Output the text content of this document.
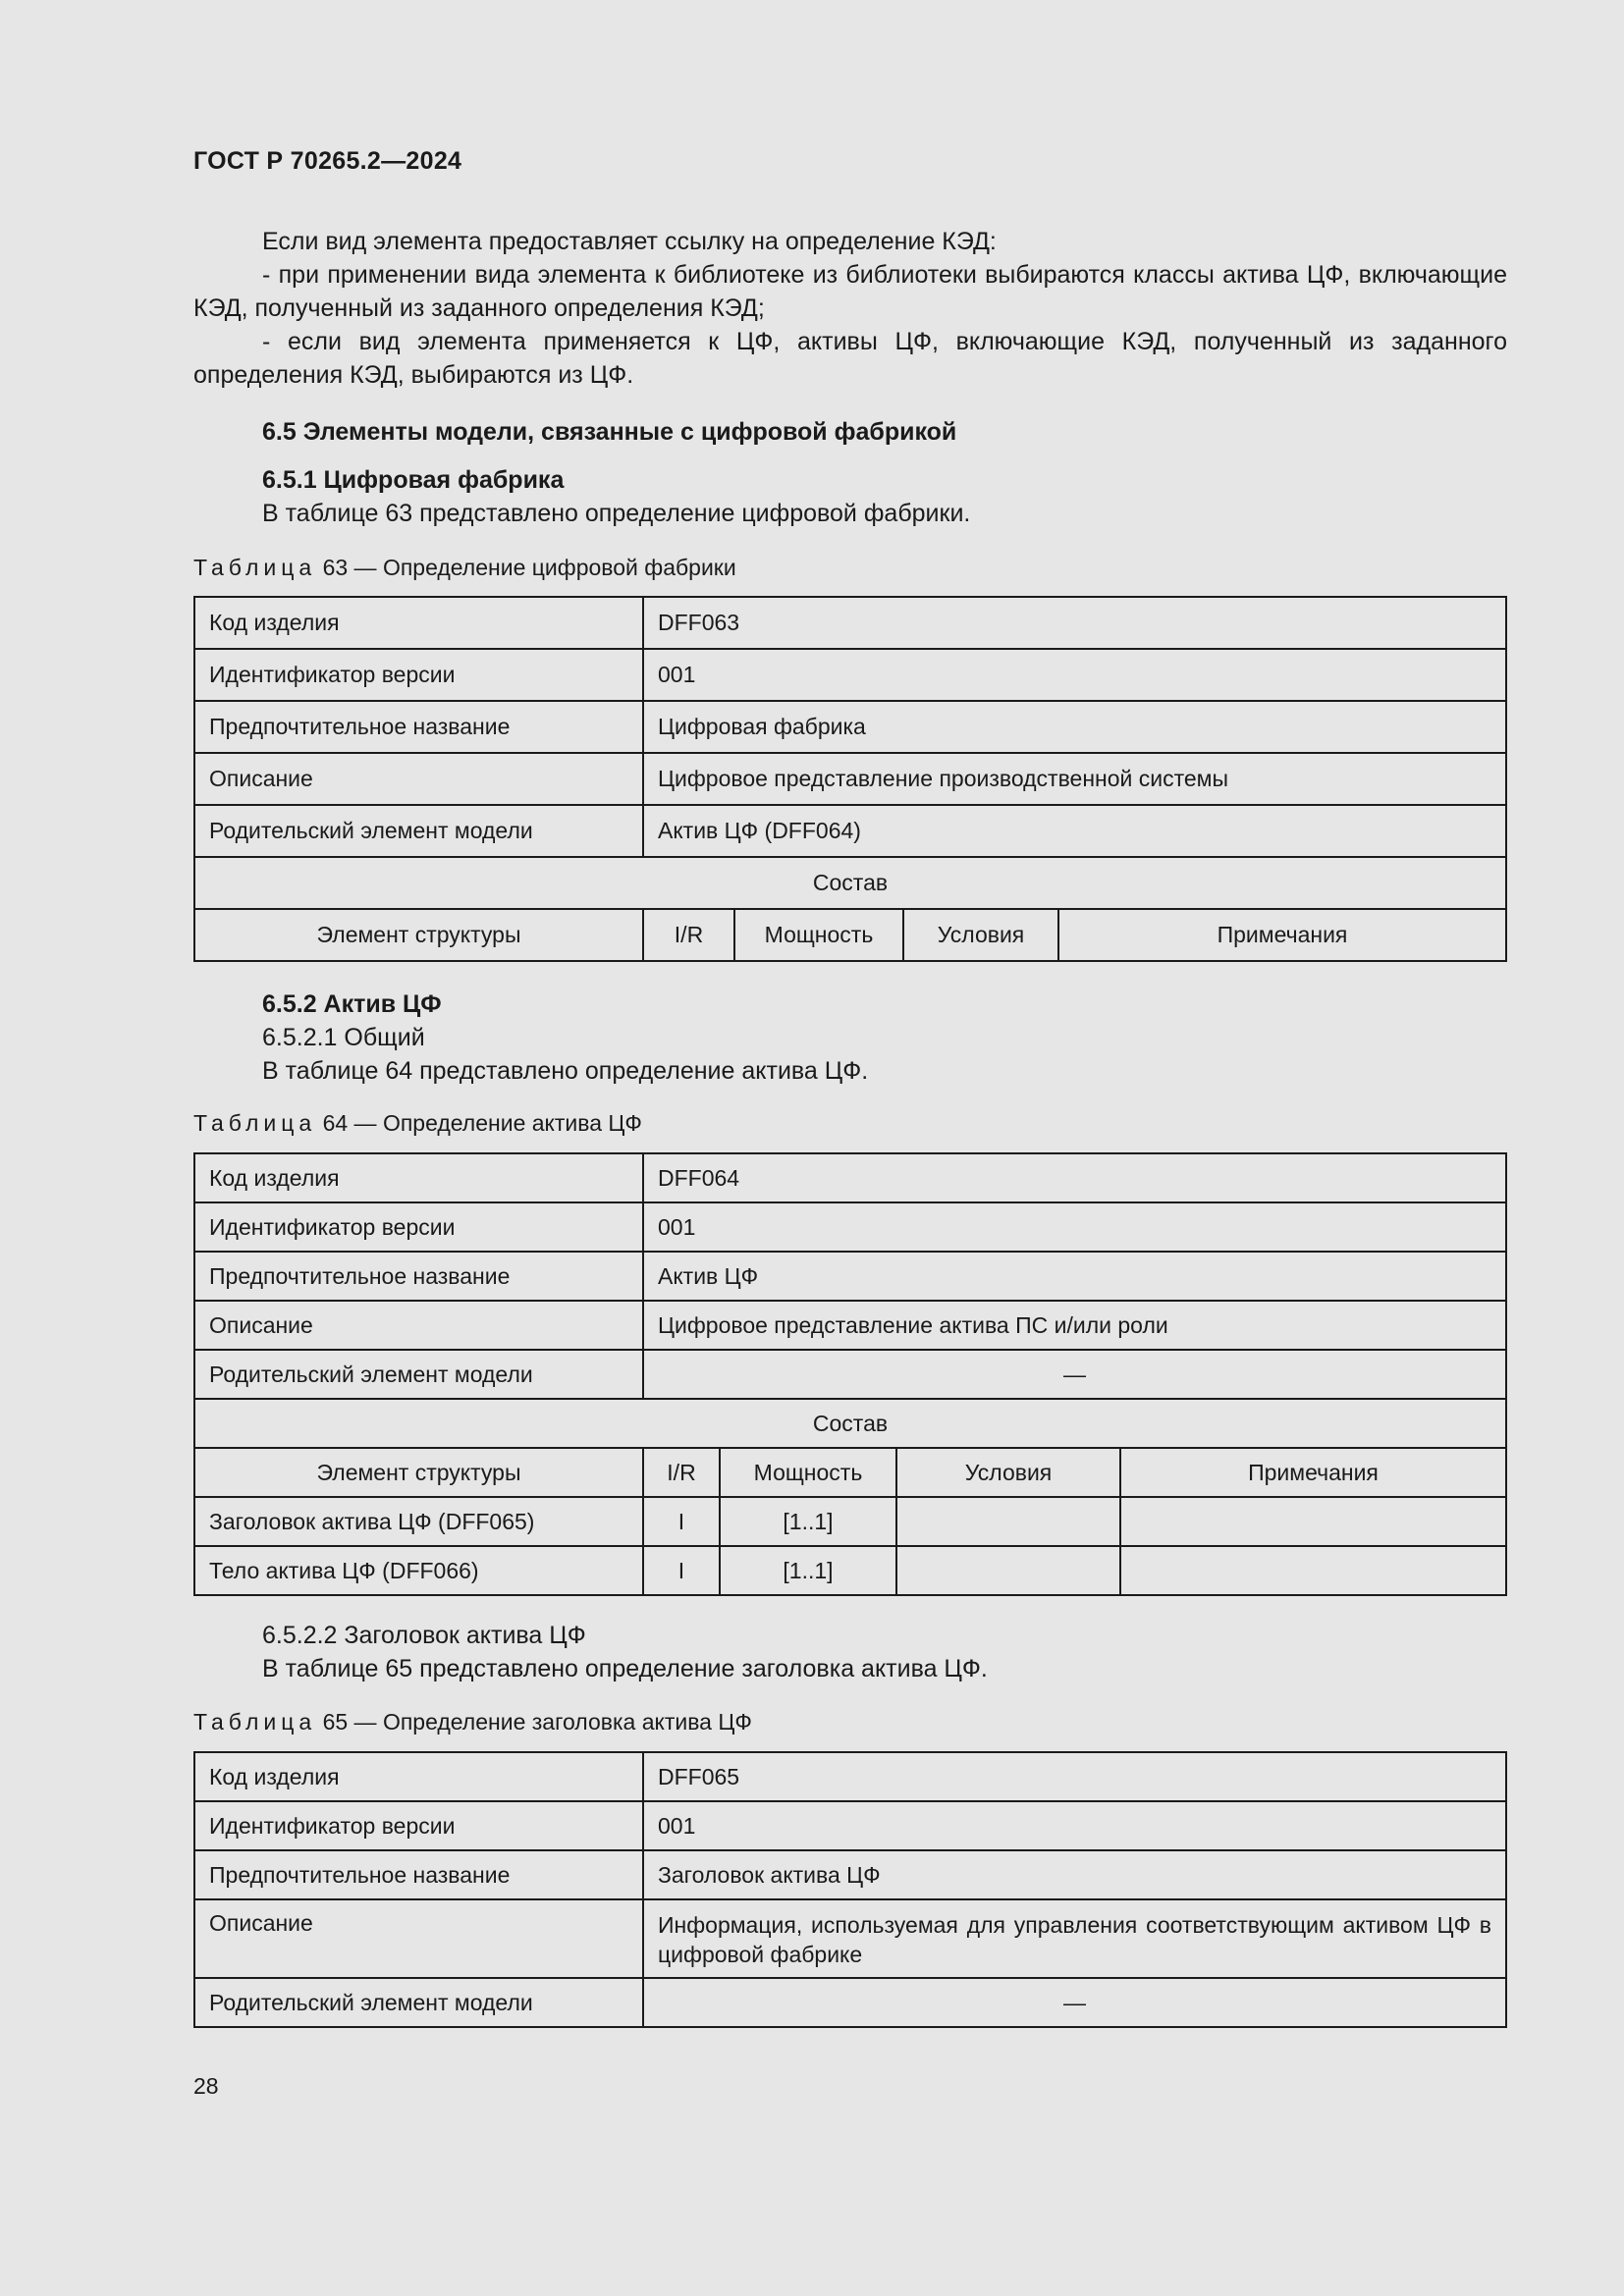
ГОСТ Р 70265.2—2024
Если вид элемента предоставляет ссылку на определение КЭД:
- при применении вида элемента к библиотеке из библиотеки выбираются классы актива ЦФ, включающие КЭД, полученный из заданного определения КЭД;
- если вид элемента применяется к ЦФ, активы ЦФ, включающие КЭД, полученный из заданного определения КЭД, выбираются из ЦФ.
6.5 Элементы модели, связанные с цифровой фабрикой
6.5.1 Цифровая фабрика
В таблице 63 представлено определение цифровой фабрики.
Таблица 63 — Определение цифровой фабрики
Код изделия	DFF063			
Идентификатор версии	001			
Предпочтительное название	Цифровая фабрика			
Описание	Цифровое представление производственной системы			
Родительский элемент модели	Актив ЦФ (DFF064)			
Состав				
Элемент структуры	I/R	Мощность	Условия	Примечания
6.5.2 Актив ЦФ
6.5.2.1 Общий
В таблице 64 представлено определение актива ЦФ.
Таблица 64 — Определение актива ЦФ
Код изделия	DFF064			
Идентификатор версии	001			
Предпочтительное название	Актив ЦФ			
Описание	Цифровое представление актива ПС и/или роли			
Родительский элемент модели	—			
Состав				
Элемент структуры	I/R	Мощность	Условия	Примечания
Заголовок актива ЦФ (DFF065)	I	[1..1]		
Тело актива ЦФ (DFF066)	I	[1..1]		
6.5.2.2 Заголовок актива ЦФ
В таблице 65 представлено определение заголовка актива ЦФ.
Таблица 65 — Определение заголовка актива ЦФ
Код изделия	DFF065
Идентификатор версии	001
Предпочтительное название	Заголовок актива ЦФ
Описание	Информация, используемая для управления соответствующим активом ЦФ в цифровой фабрике
Родительский элемент модели	—
28
